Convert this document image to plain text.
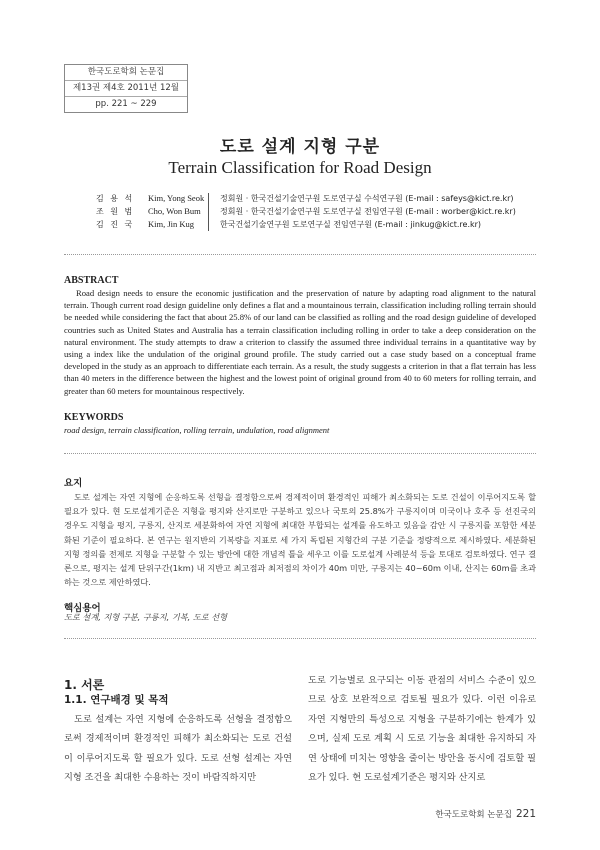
한국도로학회 논문집
제13권 제4호 2011년 12월
pp. 221 ~ 229
도로 설계 지형 구분
Terrain Classification for Road Design
김 용 석 Kim, Yong Seok 정회원 · 한국건설기술연구원 도로연구실 수석연구원 (E-mail : safeys@kict.re.kr)
조 원 범 Cho, Won Bum 정회원 · 한국건설기술연구원 도로연구실 전임연구원 (E-mail : worber@kict.re.kr)
김 진 국 Kim, Jin Kug	한국건설기술연구원 도로연구실 전임연구원 (E-mail : jinkug@kict.re.kr)
ABSTRACT
Road design needs to ensure the economic justification and the preservation of nature by adapting road alignment to the natural terrain. Though current road design guideline only defines a flat and a mountainous terrain, classification including rolling terrain should be needed while considering the fact that about 25.8% of our land can be classified as rolling and the road design guideline of developed countries such as United States and Australia has a terrain classification including rolling in order to take a deep consideration on the natural environment. The study attempts to draw a criterion to classify the assumed three individual terrains in a quantitative way by using a index like the undulation of the original ground profile. The study carried out a case study based on a conceptual frame developed in the study as an approach to differentiate each terrain. As a result, the study suggests a criterion in that a flat terrain has less than 40 meters in the difference between the highest and the lowest point of original ground from 40 to 60 meters for rolling terrain, and greater than 60 meters for mountainous respectively.
KEYWORDS
road design, terrain classification, rolling terrain, undulation, road alignment
요지
도로 설계는 자연 지형에 순응하도록 선형을 결정함으로써 경제적이며 환경적인 피해가 최소화되는 도로 건설이 이루어지도록 할 필요가 있다. 현 도로설계기준은 지형을 평지와 산지로만 구분하고 있으나 국토의 25.8%가 구릉지이며 미국이나 호주 등 선진국의 경우도 지형을 평지, 구릉지, 산지로 세분화하여 자연 지형에 최대한 부합되는 설계를 유도하고 있음을 감안 시 구릉지를 포함한 세분화된 기준이 필요하다. 본 연구는 원지반의 기복량을 지표로 세 가지 독립된 지형간의 구분 기준을 정량적으로 제시하였다. 세분화된 지형 정의를 전제로 지형을 구분할 수 있는 방안에 대한 개념적 틀을 세우고 이를 도로설계 사례분석 등을 토대로 검토하였다. 연구 결론으로, 평지는 설계 단위구간(1km) 내 지반고 최고점과 최저점의 차이가 40m 미만, 구릉지는 40~60m 이내, 산지는 60m를 초과하는 것으로 제안하였다.
핵심용어
도로 설계, 지형 구분, 구릉지, 기복, 도로 선형
1. 서론
1.1. 연구배경 및 목적
도로 설계는 자연 지형에 순응하도록 선형을 결정함으로써 경제적이며 환경적인 피해가 최소화되는 도로 건설이 이루어지도록 할 필요가 있다. 도로 선형 설계는 자연 지형 조건을 최대한 수용하는 것이 바람직하지만
도로 기능별로 요구되는 이동 관점의 서비스 수준이 있으므로 상호 보완적으로 검토될 필요가 있다. 이런 이유로 자연 지형만의 특성으로 지형을 구분하기에는 한계가 있으며, 실제 도로 계획 시 도로 기능을 최대한 유지하되 자연 상태에 미치는 영향을 줄이는 방안을 동시에 검토할 필요가 있다. 현 도로설계기준은 평지와 산지로
한국도로학회 논문집 221
